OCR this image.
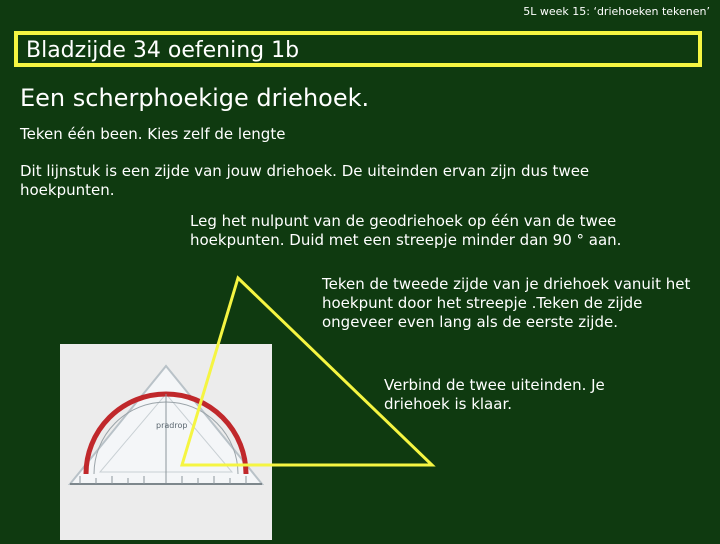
5L week 15: ‘driehoeken tekenen’
Bladzijde 34 oefening 1b
Een scherphoekige driehoek.
Teken één been. Kies zelf de lengte
Dit lijnstuk is een zijde van jouw driehoek. De uiteinden ervan zijn dus twee hoekpunten.
Leg het nulpunt van de geodriehoek op één van de twee hoekpunten. Duid met een streepje minder dan 90 ° aan.
Teken de tweede zijde van je driehoek vanuit het hoekpunt door het streepje .Teken de zijde ongeveer even lang als de eerste zijde.
Verbind de twee uiteinden. Je driehoek is klaar.
pradrop
